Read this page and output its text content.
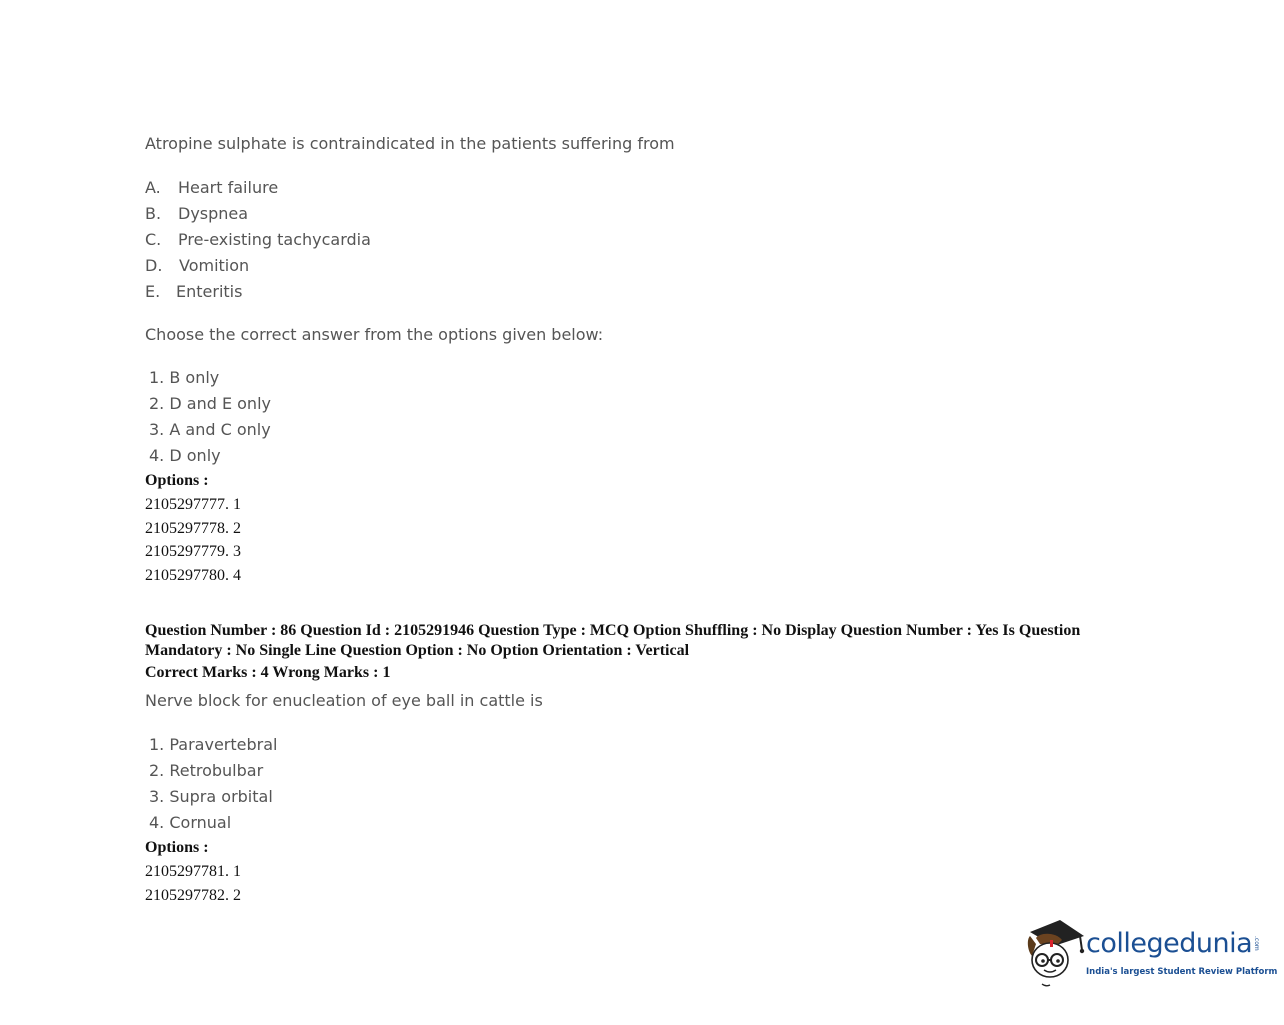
Atropine sulphate is contraindicated in the patients suffering from
A. Heart failure
B. Dyspnea
C. Pre-existing tachycardia
D. Vomition
E. Enteritis
Choose the correct answer from the options given below:
1. B only
2. D and E only
3. A and C only
4. D only
Options :
2105297777. 1
2105297778. 2
2105297779. 3
2105297780. 4
Question Number : 86 Question Id : 2105291946 Question Type : MCQ Option Shuffling : No Display Question Number : Yes Is Question Mandatory : No Single Line Question Option : No Option Orientation : Vertical
Correct Marks : 4 Wrong Marks : 1
Nerve block for enucleation of eye ball in cattle is
1. Paravertebral
2. Retrobulbar
3. Supra orbital
4. Cornual
Options :
2105297781. 1
2105297782. 2
collegedunia .com
India's largest Student Review Platform
